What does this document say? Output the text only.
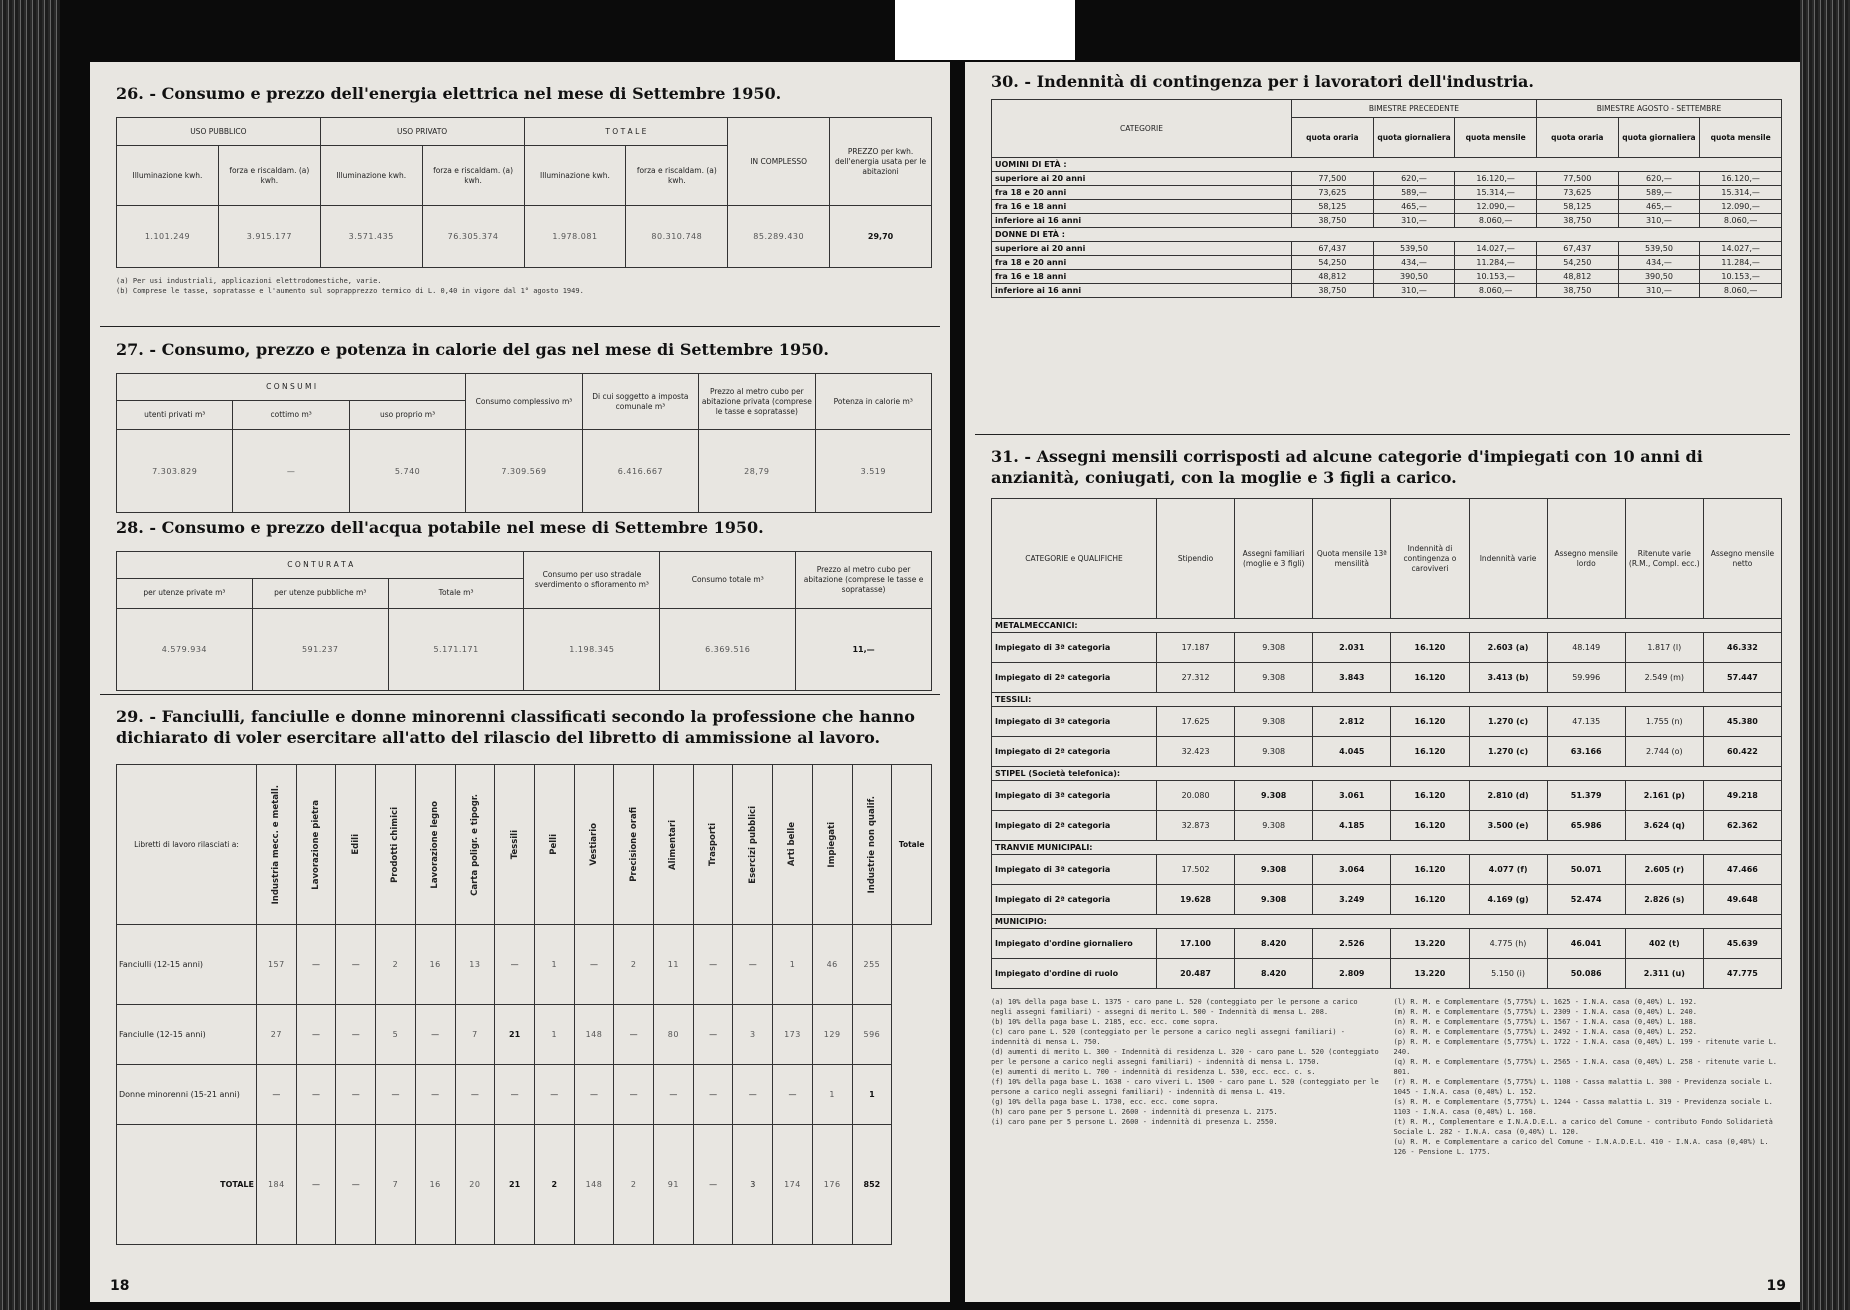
26. - Consumo e prezzo dell'energia elettrica nel mese di Settembre 1950.
USO PUBBLICO		USO PRIVATO		T O T A L E		IN COMPLESSO	PREZZO per kwh. dell'energia usata per le abitazioni
Illuminazione kwh.	forza e riscaldam. (a) kwh.	Illuminazione kwh.	forza e riscaldam. (a) kwh.	Illuminazione kwh.	forza e riscaldam. (a) kwh.		
1.101.249	3.915.177	3.571.435	76.305.374	1.978.081	80.310.748	85.289.430	29,70
(a) Per usi industriali, applicazioni elettrodomestiche, varie.
(b) Comprese le tasse, sopratasse e l'aumento sul soprapprezzo termico di L. 0,40 in vigore dal 1° agosto 1949.
27. - Consumo, prezzo e potenza in calorie del gas nel mese di Settembre 1950.
C O N S U M I			Consumo complessivo m³	Di cui soggetto a imposta comunale m³	Prezzo al metro cubo per abitazione privata (comprese le tasse e sopratasse)	Potenza in calorie m³
utenti privati m³	cottimo m³	uso proprio m³				
7.303.829	—	5.740	7.309.569	6.416.667	28,79	3.519
28. - Consumo e prezzo dell'acqua potabile nel mese di Settembre 1950.
C O N T U R A T A			Consumo per uso stradale sverdimento o sfioramento m³	Consumo totale m³	Prezzo al metro cubo per abitazione (comprese le tasse e sopratasse)
per utenze private m³	per utenze pubbliche m³	Totale m³			
4.579.934	591.237	5.171.171	1.198.345	6.369.516	11,—
29. - Fanciulli, fanciulle e donne minorenni classificati secondo la professione che hanno dichiarato di voler esercitare all'atto del rilascio del libretto di ammissione al lavoro.
Libretti di lavoro rilasciati a:	Industria mecc. e metall.	Lavorazione pietra	Edili	Prodotti chimici	Lavorazione legno	Carta poligr. e tipogr.	Tessili	Pelli	Vestiario	Precisione orafi	Alimentari	Trasporti	Esercizi pubblici	Arti belle	Impiegati	Industrie non qualif.	Totale
Fanciulli (12-15 anni)	157	—	—	2	16	13	—	1	—	2	11	—	—	1	46	255	
Fanciulle (12-15 anni)	27	—	—	5	—	7	21	1	148	—	80	—	3	173	129	596	
Donne minorenni (15-21 anni)	—	—	—	—	—	—	—	—	—	—	—	—	—	—	1	1	
TOTALE	184	—	—	7	16	20	21	2	148	2	91	—	3	174	176	852	
18
30. - Indennità di contingenza per i lavoratori dell'industria.
CATEGORIE	BIMESTRE PRECEDENTE			BIMESTRE AGOSTO - SETTEMBRE		
	quota oraria	quota giornaliera	quota mensile	quota oraria	quota giornaliera	quota mensile
UOMINI DI ETÀ :						
superiore ai 20 anni	77,500	620,—	16.120,—	77,500	620,—	16.120,—
fra 18 e 20 anni	73,625	589,—	15.314,—	73,625	589,—	15.314,—
fra 16 e 18 anni	58,125	465,—	12.090,—	58,125	465,—	12.090,—
inferiore ai 16 anni	38,750	310,—	8.060,—	38,750	310,—	8.060,—
DONNE DI ETÀ :						
superiore ai 20 anni	67,437	539,50	14.027,—	67,437	539,50	14.027,—
fra 18 e 20 anni	54,250	434,—	11.284,—	54,250	434,—	11.284,—
fra 16 e 18 anni	48,812	390,50	10.153,—	48,812	390,50	10.153,—
inferiore ai 16 anni	38,750	310,—	8.060,—	38,750	310,—	8.060,—
31. - Assegni mensili corrisposti ad alcune categorie d'impiegati con 10 anni di anzianità, coniugati, con la moglie e 3 figli a carico.
CATEGORIE e QUALIFICHE	Stipendio	Assegni familiari (moglie e 3 figli)	Quota mensile 13ª mensilità	Indennità di contingenza o caroviveri	Indennità varie	Assegno mensile lordo	Ritenute varie (R.M., Compl. ecc.)	Assegno mensile netto
METALMECCANICI:								
Impiegato di 3ª categoria	17.187	9.308	2.031	16.120	2.603 (a)	48.149	1.817 (l)	46.332
Impiegato di 2ª categoria	27.312	9.308	3.843	16.120	3.413 (b)	59.996	2.549 (m)	57.447
TESSILI:								
Impiegato di 3ª categoria	17.625	9.308	2.812	16.120	1.270 (c)	47.135	1.755 (n)	45.380
Impiegato di 2ª categoria	32.423	9.308	4.045	16.120	1.270 (c)	63.166	2.744 (o)	60.422
STIPEL (Società telefonica):								
Impiegato di 3ª categoria	20.080	9.308	3.061	16.120	2.810 (d)	51.379	2.161 (p)	49.218
Impiegato di 2ª categoria	32.873	9.308	4.185	16.120	3.500 (e)	65.986	3.624 (q)	62.362
TRANVIE MUNICIPALI:								
Impiegato di 3ª categoria	17.502	9.308	3.064	16.120	4.077 (f)	50.071	2.605 (r)	47.466
Impiegato di 2ª categoria	19.628	9.308	3.249	16.120	4.169 (g)	52.474	2.826 (s)	49.648
MUNICIPIO:								
Impiegato d'ordine giornaliero	17.100	8.420	2.526	13.220	4.775 (h)	46.041	402 (t)	45.639
Impiegato d'ordine di ruolo	20.487	8.420	2.809	13.220	5.150 (i)	50.086	2.311 (u)	47.775
(a) 10% della paga base L. 1375 - caro pane L. 520 (conteggiato per le persone a carico negli assegni familiari) - assegni di merito L. 500 - Indennità di mensa L. 208.
(b) 10% della paga base L. 2185, ecc. ecc. come sopra.
(c) caro pane L. 520 (conteggiato per le persone a carico negli assegni familiari) - indennità di mensa L. 750.
(d) aumenti di merito L. 300 - Indennità di residenza L. 320 - caro pane L. 520 (conteggiato per le persone a carico negli assegni familiari) - indennità di mensa L. 1750.
(e) aumenti di merito L. 700 - indennità di residenza L. 530, ecc. ecc. c. s.
(f) 10% della paga base L. 1638 - caro viveri L. 1500 - caro pane L. 520 (conteggiato per le persone a carico negli assegni familiari) - indennità di mensa L. 419.
(g) 10% della paga base L. 1730, ecc. ecc. come sopra.
(h) caro pane per 5 persone L. 2600 - indennità di presenza L. 2175.
(i) caro pane per 5 persone L. 2600 - indennità di presenza L. 2550.
(l) R. M. e Complementare (5,775%) L. 1625 - I.N.A. casa (0,40%) L. 192.
(m) R. M. e Complementare (5,775%) L. 2309 - I.N.A. casa (0,40%) L. 240.
(n) R. M. e Complementare (5,775%) L. 1567 - I.N.A. casa (0,40%) L. 188.
(o) R. M. e Complementare (5,775%) L. 2492 - I.N.A. casa (0,40%) L. 252.
(p) R. M. e Complementare (5,775%) L. 1722 - I.N.A. casa (0,40%) L. 199 - ritenute varie L. 240.
(q) R. M. e Complementare (5,775%) L. 2565 - I.N.A. casa (0,40%) L. 258 - ritenute varie L. 801.
(r) R. M. e Complementare (5,775%) L. 1108 - Cassa malattia L. 300 - Previdenza sociale L. 1045 - I.N.A. casa (0,40%) L. 152.
(s) R. M. e Complementare (5,775%) L. 1244 - Cassa malattia L. 319 - Previdenza sociale L. 1103 - I.N.A. casa (0,40%) L. 160.
(t) R. M., Complementare e I.N.A.D.E.L. a carico del Comune - contributo Fondo Solidarietà Sociale L. 282 - I.N.A. casa (0,40%) L. 120.
(u) R. M. e Complementare a carico del Comune - I.N.A.D.E.L. 410 - I.N.A. casa (0,40%) L. 126 - Pensione L. 1775.
19
